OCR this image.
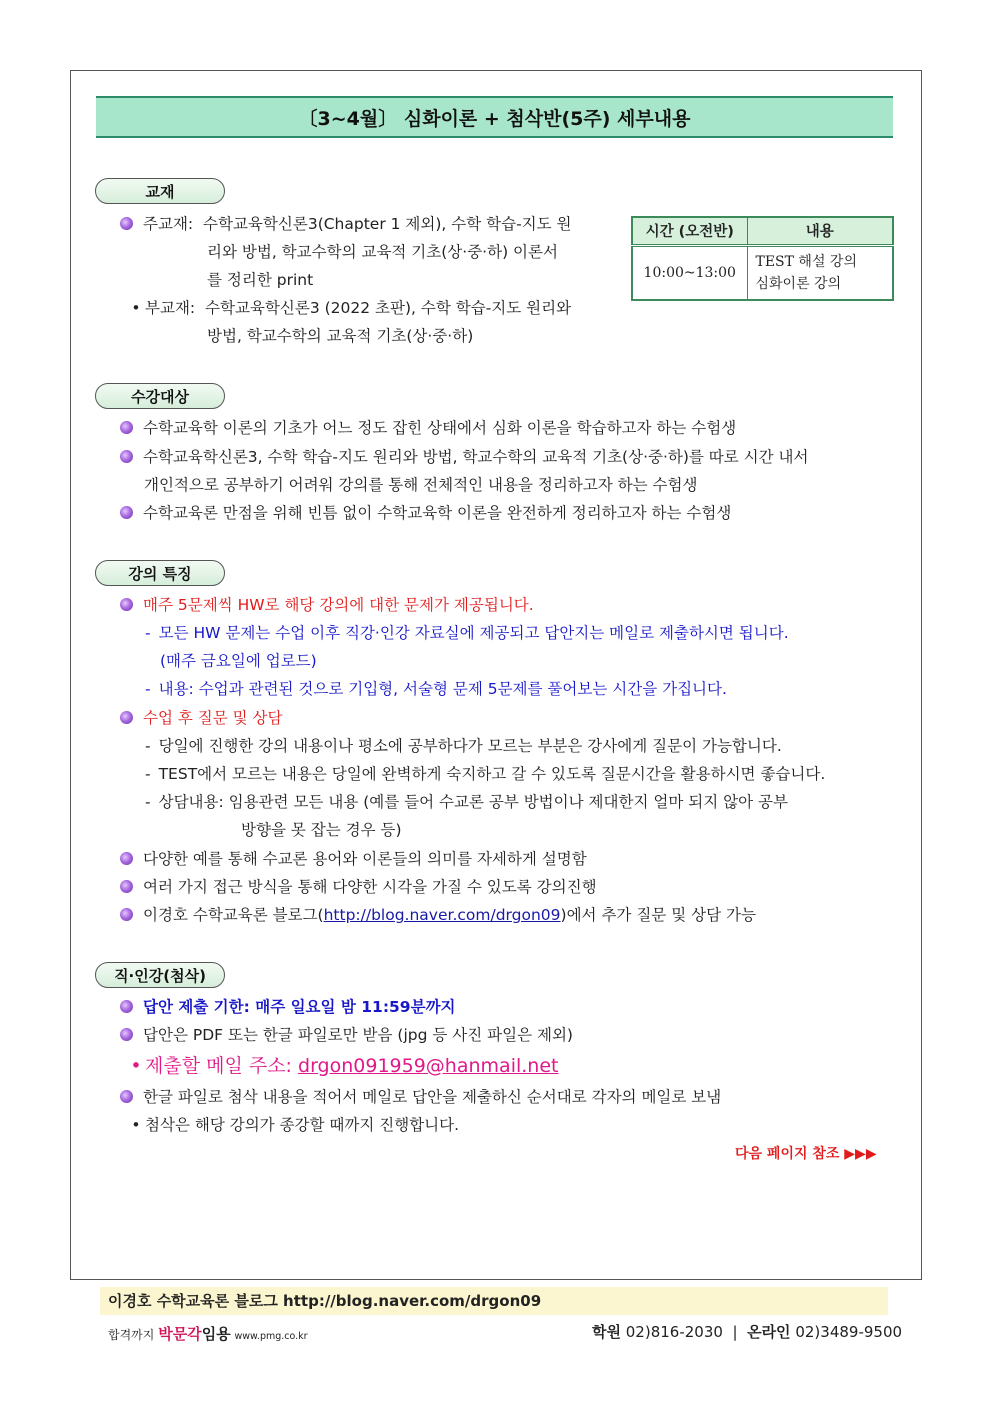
〔3~4월〕 심화이론 + 첨삭반(5주) 세부내용
교재
주교재: 수학교육학신론3(Chapter 1 제외), 수학 학습-지도 원
리와 방법, 학교수학의 교육적 기초(상·중·하) 이론서
를 정리한 print
• 부교재: 수학교육학신론3 (2022 초판), 수학 학습-지도 원리와
방법, 학교수학의 교육적 기초(상·중·하)
시간 (오전반)	내용
10:00~13:00	TEST 해설 강의
심화이론 강의
수강대상
수학교육학 이론의 기초가 어느 정도 잡힌 상태에서 심화 이론을 학습하고자 하는 수험생
수학교육학신론3, 수학 학습-지도 원리와 방법, 학교수학의 교육적 기초(상·중·하)를 따로 시간 내서
개인적으로 공부하기 어려워 강의를 통해 전체적인 내용을 정리하고자 하는 수험생
수학교육론 만점을 위해 빈틈 없이 수학교육학 이론을 완전하게 정리하고자 하는 수험생
강의 특징
매주 5문제씩 HW로 해당 강의에 대한 문제가 제공됩니다.
- 모든 HW 문제는 수업 이후 직강·인강 자료실에 제공되고 답안지는 메일로 제출하시면 됩니다.
(매주 금요일에 업로드)
- 내용: 수업과 관련된 것으로 기입형, 서술형 문제 5문제를 풀어보는 시간을 가집니다.
수업 후 질문 및 상담
- 당일에 진행한 강의 내용이나 평소에 공부하다가 모르는 부분은 강사에게 질문이 가능합니다.
- TEST에서 모르는 내용은 당일에 완벽하게 숙지하고 갈 수 있도록 질문시간을 활용하시면 좋습니다.
- 상담내용: 임용관련 모든 내용 (예를 들어 수교론 공부 방법이나 제대한지 얼마 되지 않아 공부
방향을 못 잡는 경우 등)
다양한 예를 통해 수교론 용어와 이론들의 의미를 자세하게 설명함
여러 가지 접근 방식을 통해 다양한 시각을 가질 수 있도록 강의진행
이경호 수학교육론 블로그(http://blog.naver.com/drgon09)에서 추가 질문 및 상담 가능
직·인강(첨삭)
답안 제출 기한: 매주 일요일 밤 11:59분까지
답안은 PDF 또는 한글 파일로만 받음 (jpg 등 사진 파일은 제외)
• 제출할 메일 주소: drgon091959@hanmail.net
한글 파일로 첨삭 내용을 적어서 메일로 답안을 제출하신 순서대로 각자의 메일로 보냄
• 첨삭은 해당 강의가 종강할 때까지 진행합니다.
다음 페이지 참조 ▶▶▶
이경호 수학교육론 블로그 http://blog.naver.com/drgon09
합격까지 박문각임용 www.pmg.co.kr	학원 02)816-2030 | 온라인 02)3489-9500
